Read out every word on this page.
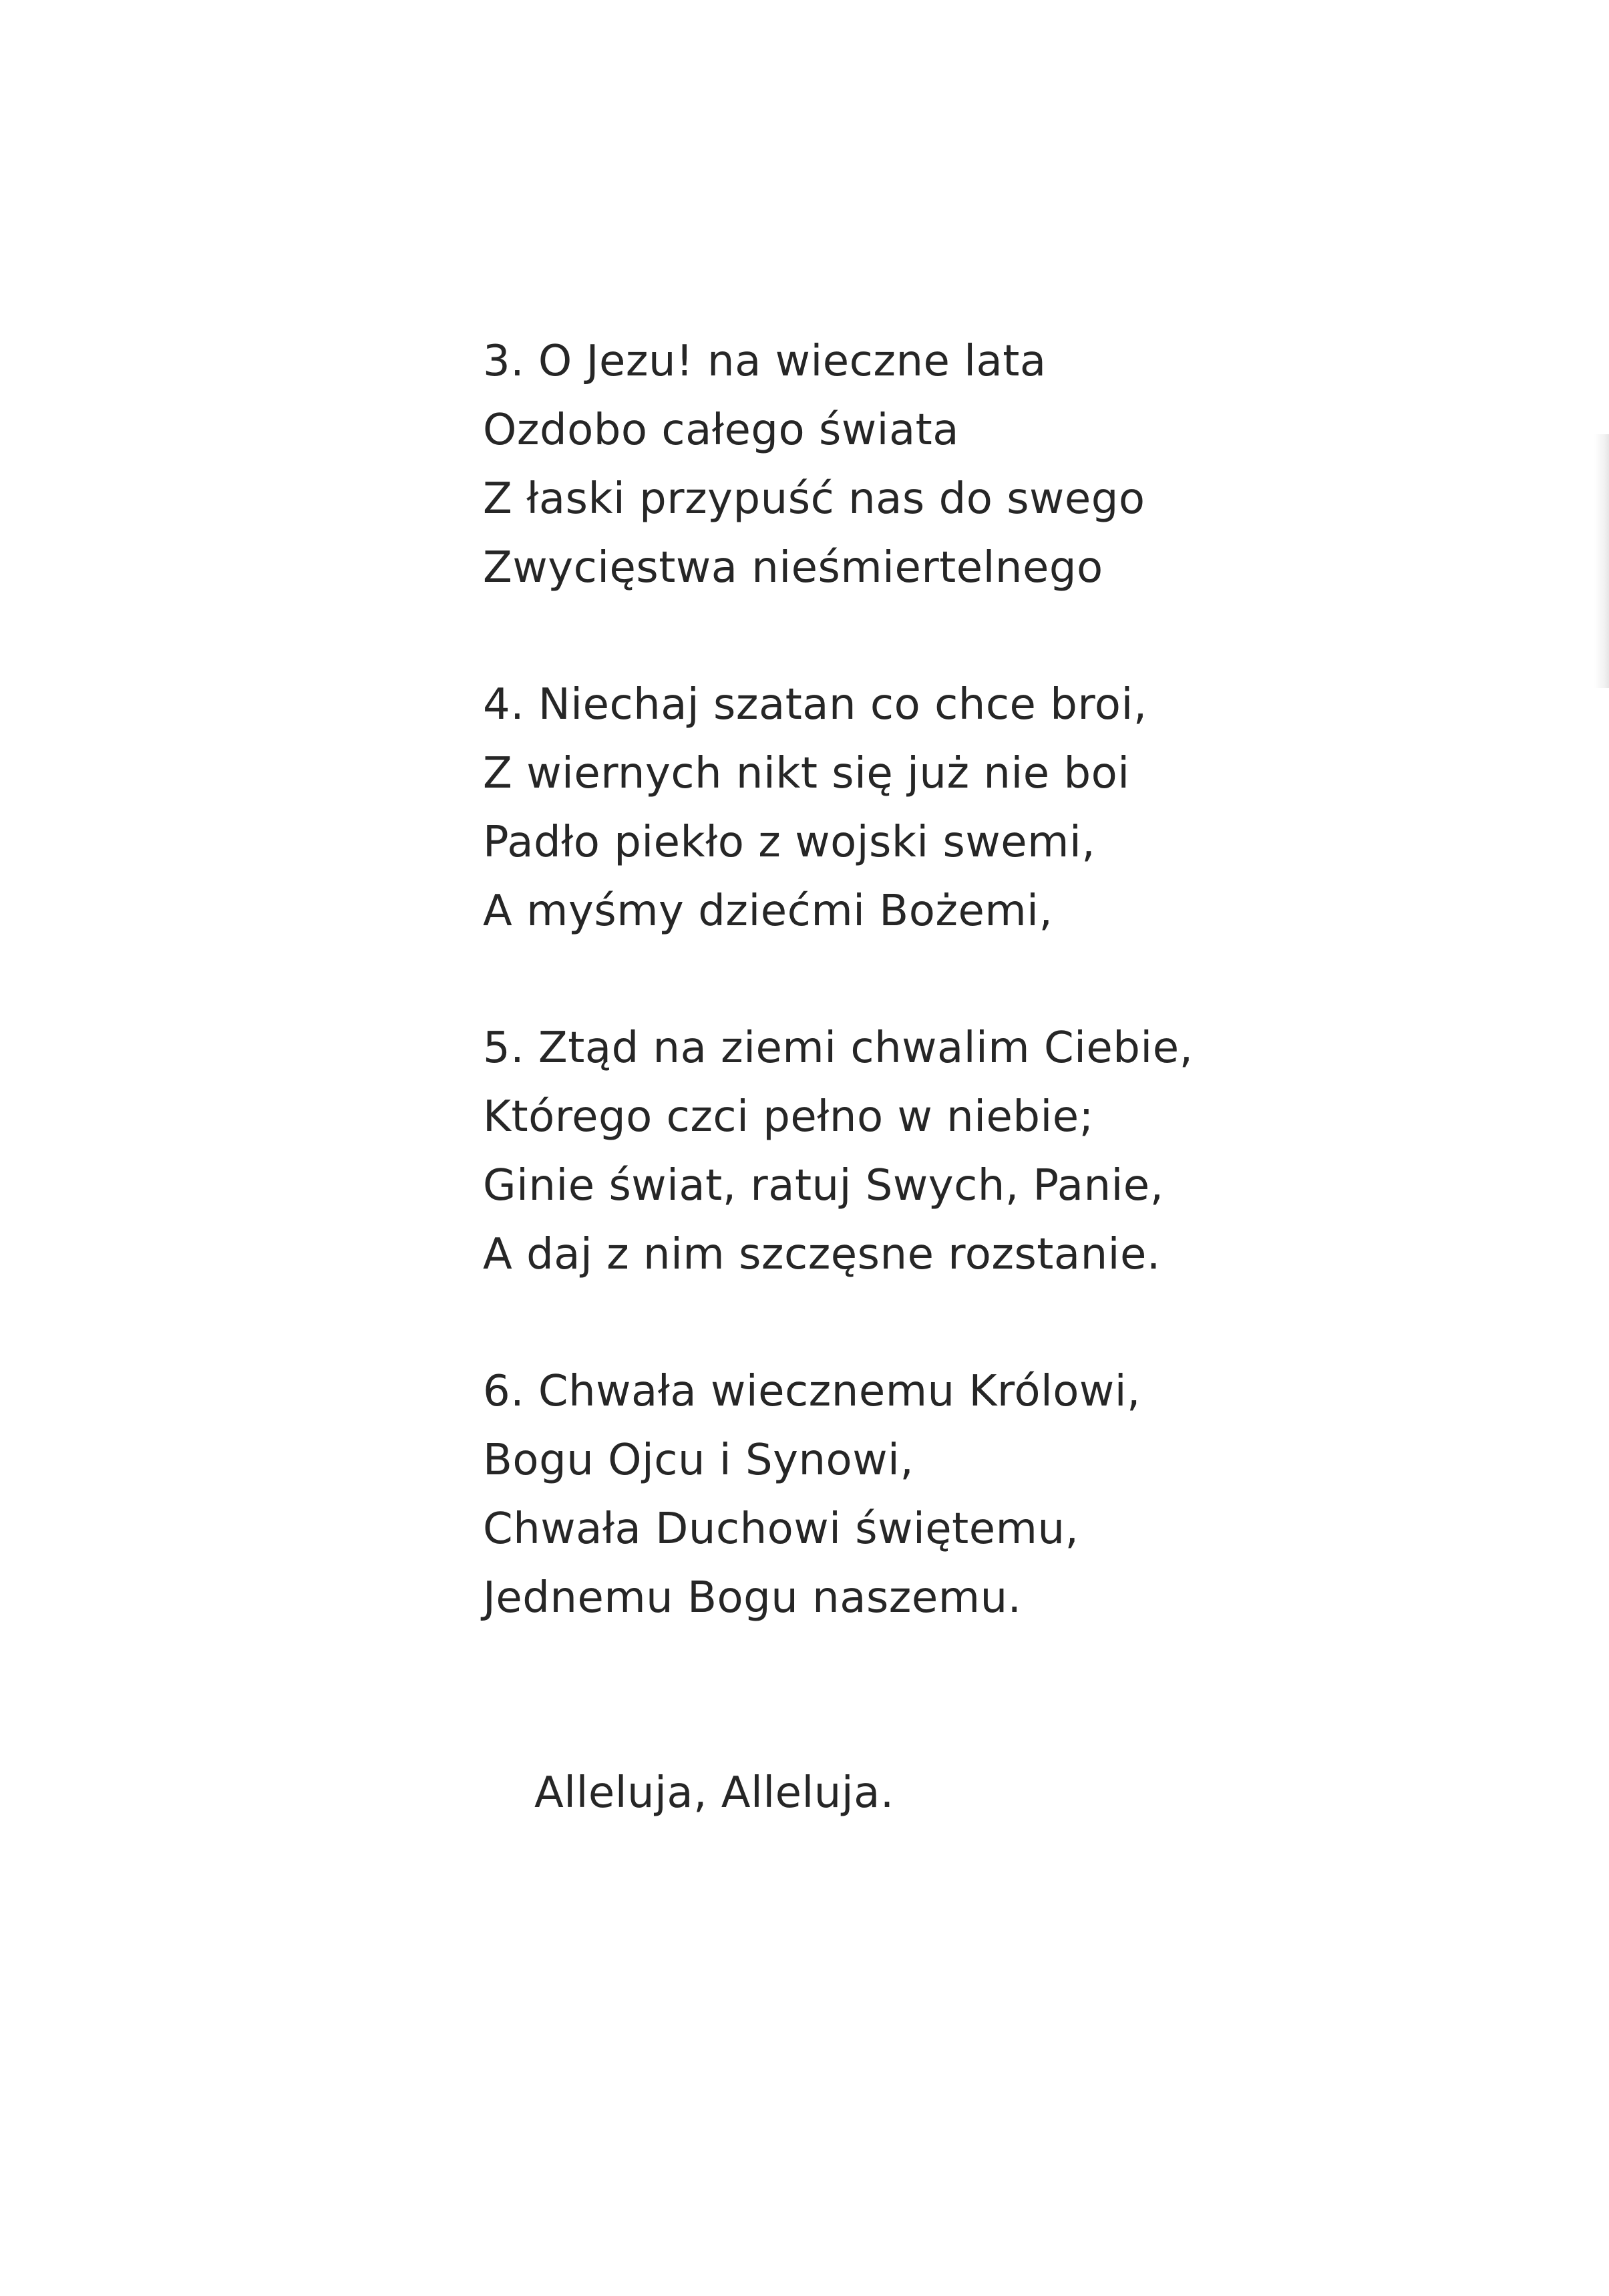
3. O Jezu! na wieczne lata
Ozdobo całego świata
Z łaski przypuść nas do swego
Zwycięstwa nieśmiertelnego
4. Niechaj szatan co chce broi,
Z wiernych nikt się już nie boi
Padło piekło z wojski swemi,
A myśmy dziećmi Bożemi,
5. Ztąd na ziemi chwalim Ciebie,
Którego czci pełno w niebie;
Ginie świat, ratuj Swych, Panie,
A daj z nim szczęsne rozstanie.
6. Chwała wiecznemu Królowi,
Bogu Ojcu i Synowi,
Chwała Duchowi świętemu,
Jednemu Bogu naszemu.
Alleluja, Alleluja.
